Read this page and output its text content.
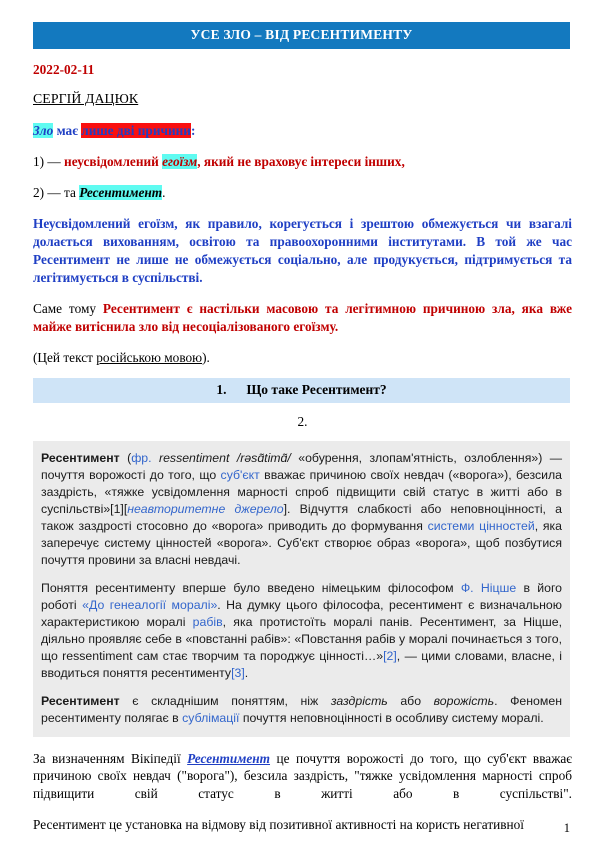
УСЕ ЗЛО – ВІД РЕСЕНТИМЕНТУ
2022-02-11
СЕРГІЙ ДАЦЮК
Зло має лише дві причини:
1) — неусвідомлений егоїзм, який не враховує інтереси інших,
2) — та Ресентимент.

Неусвідомлений егоїзм, як правило, корегується і зрештою обмежується чи взагалі долається вихованням, освітою та правоохоронними інститутами. В той же час Ресентимент не лише не обмежується соціально, але продукується, підтримується та легітимується в суспільстві.

Саме тому Ресентимент є настільки масовою та легітимною причиною зла, яка вже майже витіснила зло від несоціалізованого егоїзму.

(Цей текст російською мовою).
1. Що таке Ресентимент?
2.

Ресентимент (фр. ressentiment /rəsɑ̃timɑ̃/ «обурення, злопам'ятність, озлоблення») — почуття ворожості до того, що суб'єкт вважає причиною своїх невдач («ворога»), безсила заздрість, «тяжке усвідомлення марності спроб підвищити свій статус в житті або в суспільстві»[1][неавторитетне джерело]. Відчуття слабкості або неповноцінності, а також заздрості стосовно до «ворога» приводить до формування системи цінностей, яка заперечує систему цінностей «ворога». Суб'єкт створює образ «ворога», щоб позбутися почуття провини за власні невдачі.

Поняття ресентименту вперше було введено німецьким філософом Ф. Ніцше в його роботі «До генеалогії моралі». На думку цього філософа, ресентимент є визначальною характеристикою моралі рабів, яка протистоїть моралі панів. Ресентимент, за Ніцше, діяльно проявляє себе в «повстанні рабів»: «Повстання рабів у моралі починається з того, що ressentiment сам стає творчим та породжує цінності…»[2], — цими словами, власне, і вводиться поняття ресентименту[3].

Ресентимент є складнішим поняттям, ніж заздрість або ворожість. Феномен ресентименту полягає в сублімації почуття неповноцінності в особливу систему моралі.

За визначенням Вікіпедії Ресентимент це почуття ворожості до того, що суб'єкт вважає причиною своїх невдач ("ворога"), безсила заздрість, "тяжке усвідомлення марності спроб підвищити свій статус в житті або в суспільстві".

Ресентимент це установка на відмову від позитивної активності на користь негативної	1
